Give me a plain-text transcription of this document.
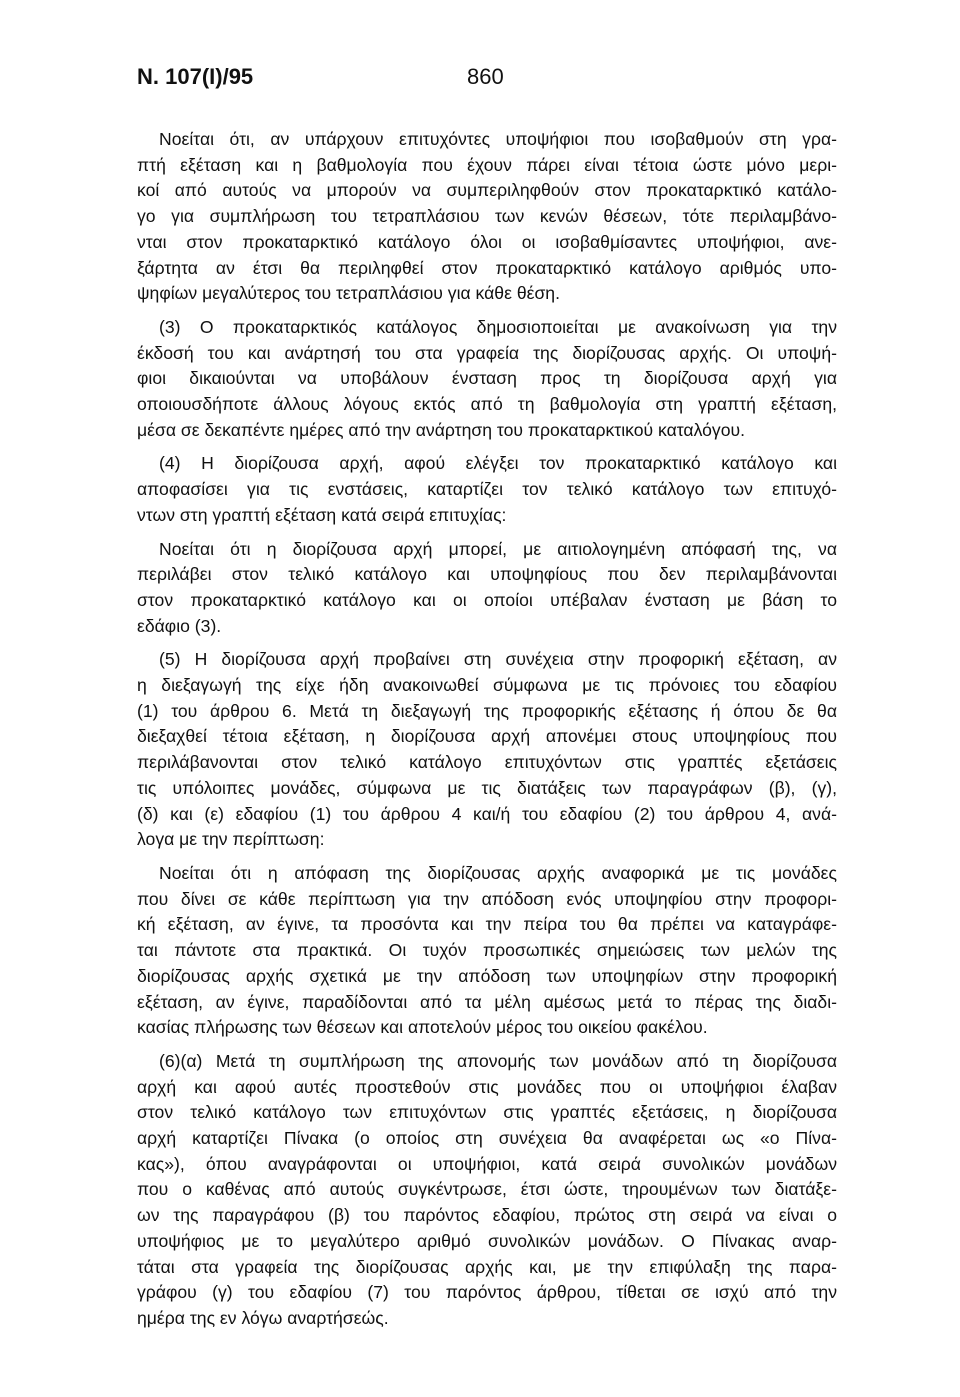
Ν. 107(Ι)/95	860
Νοείται ότι, αν υπάρχουν επιτυχόντες υποψήφιοι που ισοβαθμούν στη γρα-
πτή εξέταση και η βαθμολογία που έχουν πάρει είναι τέτοια ώστε μόνο μερι-
κοί από αυτούς να μπορούν να συμπεριληφθούν στον προκαταρκτικό κατάλο-
γο για συμπλήρωση του τετραπλάσιου των κενών θέσεων, τότε περιλαμβάνο-
νται στον προκαταρκτικό κατάλογο όλοι οι ισοβαθμίσαντες υποψήφιοι, ανε-
ξάρτητα αν έτσι θα περιληφθεί στον προκαταρκτικό κατάλογο αριθμός υπο-
ψηφίων μεγαλύτερος του τετραπλάσιου για κάθε θέση.
(3) Ο προκαταρκτικός κατάλογος δημοσιοποιείται με ανακοίνωση για την
έκδοσή του και ανάρτησή του στα γραφεία της διορίζουσας αρχής. Οι υποψή-
φιοι δικαιούνται να υποβάλουν ένσταση προς τη διορίζουσα αρχή για
οποιουσδήποτε άλλους λόγους εκτός από τη βαθμολογία στη γραπτή εξέταση,
μέσα σε δεκαπέντε ημέρες από την ανάρτηση του προκαταρκτικού καταλόγου.
(4) Η διορίζουσα αρχή, αφού ελέγξει τον προκαταρκτικό κατάλογο και
αποφασίσει για τις ενστάσεις, καταρτίζει τον τελικό κατάλογο των επιτυχό-
ντων στη γραπτή εξέταση κατά σειρά επιτυχίας:
Νοείται ότι η διορίζουσα αρχή μπορεί, με αιτιολογημένη απόφασή της, να
περιλάβει στον τελικό κατάλογο και υποψηφίους που δεν περιλαμβάνονται
στον προκαταρκτικό κατάλογο και οι οποίοι υπέβαλαν ένσταση με βάση το
εδάφιο (3).
(5) Η διορίζουσα αρχή προβαίνει στη συνέχεια στην προφορική εξέταση, αν
η διεξαγωγή της είχε ήδη ανακοινωθεί σύμφωνα με τις πρόνοιες του εδαφίου
(1) του άρθρου 6. Μετά τη διεξαγωγή της προφορικής εξέτασης ή όπου δε θα
διεξαχθεί τέτοια εξέταση, η διορίζουσα αρχή απονέμει στους υποψηφίους που
περιλάβανονται στον τελικό κατάλογο επιτυχόντων στις γραπτές εξετάσεις
τις υπόλοιπες μονάδες, σύμφωνα με τις διατάξεις των παραγράφων (β), (γ),
(δ) και (ε) εδαφίου (1) του άρθρου 4 και/ή του εδαφίου (2) του άρθρου 4, ανά-
λογα με την περίπτωση:
Νοείται ότι η απόφαση της διορίζουσας αρχής αναφορικά με τις μονάδες
που δίνει σε κάθε περίπτωση για την απόδοση ενός υποψηφίου στην προφορι-
κή εξέταση, αν έγινε, τα προσόντα και την πείρα του θα πρέπει να καταγράφε-
ται πάντοτε στα πρακτικά. Οι τυχόν προσωπικές σημειώσεις των μελών της
διορίζουσας αρχής σχετικά με την απόδοση των υποψηφίων στην προφορική
εξέταση, αν έγινε, παραδίδονται από τα μέλη αμέσως μετά το πέρας της διαδι-
κασίας πλήρωσης των θέσεων και αποτελούν μέρος του οικείου φακέλου.
(6)(α) Μετά τη συμπλήρωση της απονομής των μονάδων από τη διορίζουσα
αρχή και αφού αυτές προστεθούν στις μονάδες που οι υποψήφιοι έλαβαν
στον τελικό κατάλογο των επιτυχόντων στις γραπτές εξετάσεις, η διορίζουσα
αρχή καταρτίζει Πίνακα (ο οποίος στη συνέχεια θα αναφέρεται ως «ο Πίνα-
κας»), όπου αναγράφονται οι υποψήφιοι, κατά σειρά συνολικών μονάδων
που ο καθένας από αυτούς συγκέντρωσε, έτσι ώστε, τηρουμένων των διατάξε-
ων της παραγράφου (β) του παρόντος εδαφίου, πρώτος στη σειρά να είναι ο
υποψήφιος με το μεγαλύτερο αριθμό συνολικών μονάδων. Ο Πίνακας αναρ-
τάται στα γραφεία της διορίζουσας αρχής και, με την επιφύλαξη της παρα-
γράφου (γ) του εδαφίου (7) του παρόντος άρθρου, τίθεται σε ισχύ από την
ημέρα της εν λόγω αναρτήσεώς.
